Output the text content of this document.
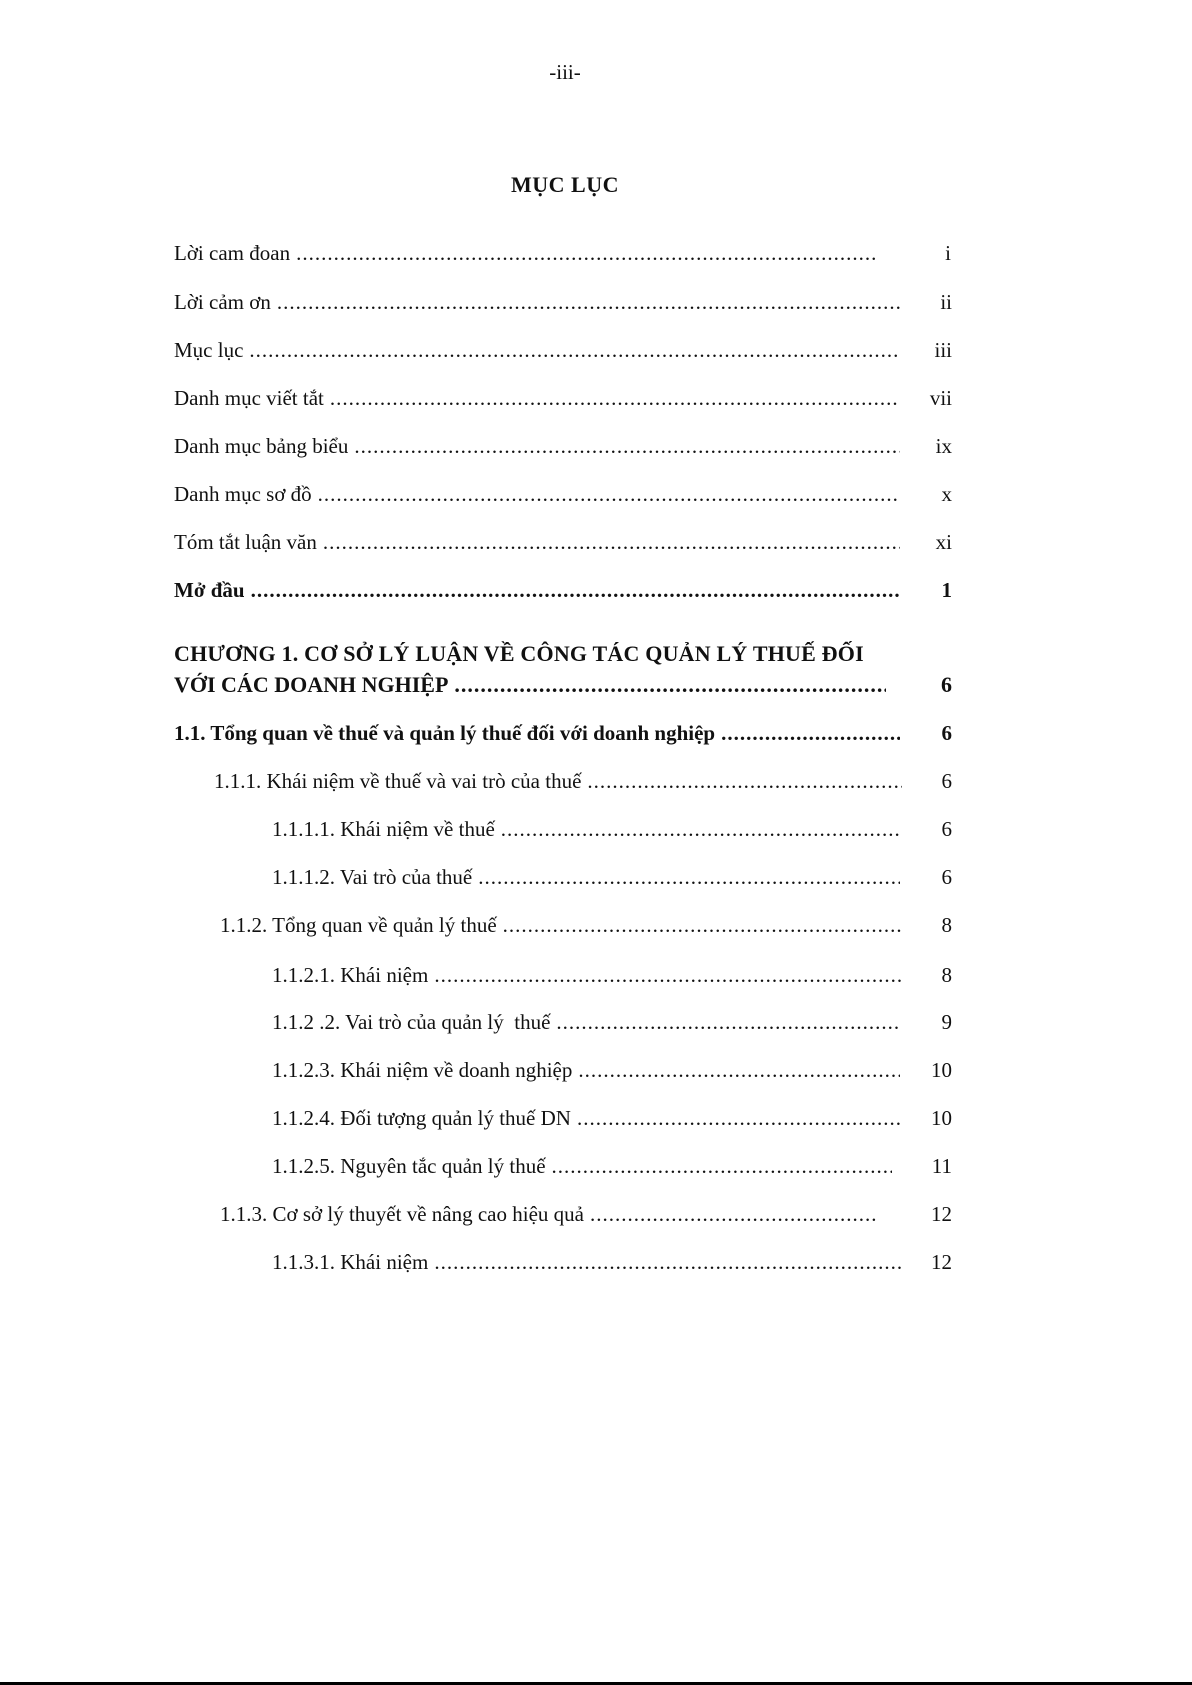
-iii-
MỤC LỤC
Lời cam đoan .....	i
Lời cảm ơn .....	ii
Mục lục .....	iii
Danh mục viết tắt .....	vii
Danh mục bảng biểu .....	ix
Danh mục sơ đồ .....	x
Tóm tắt luận văn .....	xi
Mở đầu .....	1
CHƯƠNG 1. CƠ SỞ LÝ LUẬN VỀ CÔNG TÁC QUẢN LÝ THUẾ ĐỐI
VỚI CÁC DOANH NGHIỆP .....	6
1.1. Tổng quan về thuế và quản lý thuế đối với doanh nghiệp .....	6
1.1.1. Khái niệm về thuế và vai trò của thuế .....	6
1.1.1.1. Khái niệm về thuế .....	6
1.1.1.2. Vai trò của thuế .....	6
1.1.2. Tổng quan về quản lý thuế .....	8
1.1.2.1. Khái niệm .....	8
1.1.2 .2. Vai trò của quản lý  thuế .....	9
1.1.2.3. Khái niệm về doanh nghiệp .....	10
1.1.2.4. Đối tượng quản lý thuế DN .....	10
1.1.2.5. Nguyên tắc quản lý thuế .....	11
1.1.3. Cơ sở lý thuyết về nâng cao hiệu quả .....	12
1.1.3.1. Khái niệm .....	12
